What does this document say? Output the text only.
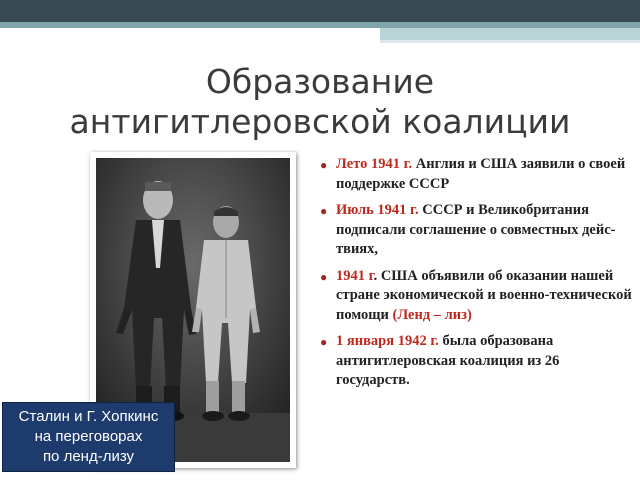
Образование
антигитлеровской коалиции
Сталин и Г. Хопкинс
на переговорах
по ленд-лизу
● Лето 1941 г. Англия и США заявили о своей поддержке СССР
● Июль 1941 г. СССР и Великобритания подписали соглашение о совместных дейс-твиях,
● 1941 г. США объявили об оказании нашей стране экономической и военно-технической помощи (Ленд – лиз)
● 1 января 1942 г. была образована антигитлеровская коалиция из 26 государств.
